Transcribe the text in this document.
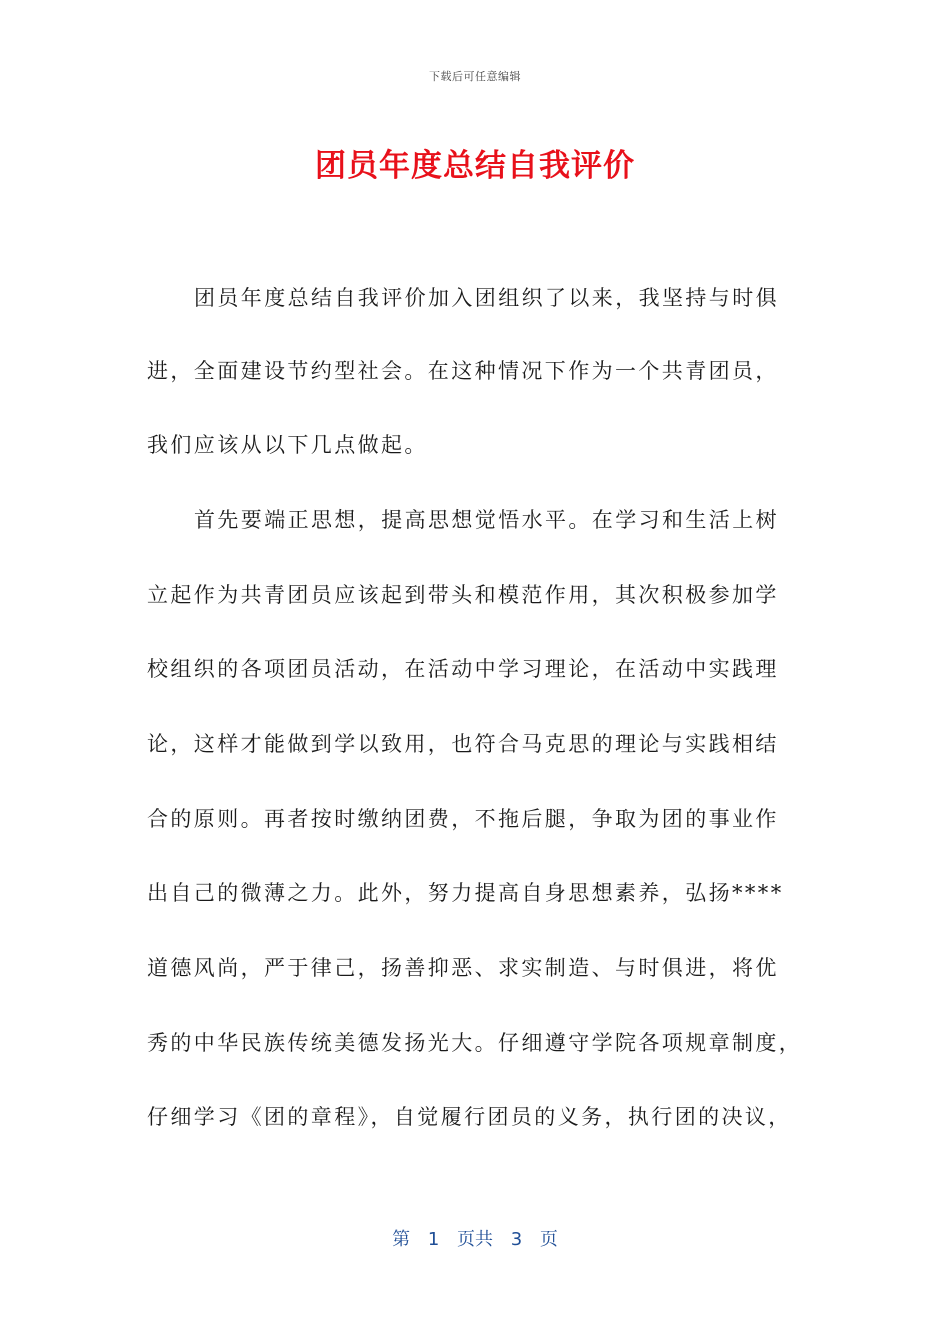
下载后可任意编辑
团员年度总结自我评价
团员年度总结自我评价加入团组织了以来，我坚持与时俱
进，全面建设节约型社会。在这种情况下作为一个共青团员，
我们应该从以下几点做起。
首先要端正思想，提高思想觉悟水平。在学习和生活上树
立起作为共青团员应该起到带头和模范作用，其次积极参加学
校组织的各项团员活动，在活动中学习理论，在活动中实践理
论，这样才能做到学以致用，也符合马克思的理论与实践相结
合的原则。再者按时缴纳团费，不拖后腿，争取为团的事业作
出自己的微薄之力。此外，努力提高自身思想素养，弘扬****
道德风尚，严于律己，扬善抑恶、求实制造、与时俱进，将优
秀的中华民族传统美德发扬光大。仔细遵守学院各项规章制度，
仔细学习《团的章程》，自觉履行团员的义务，执行团的决议，
第 1 页共 3 页
